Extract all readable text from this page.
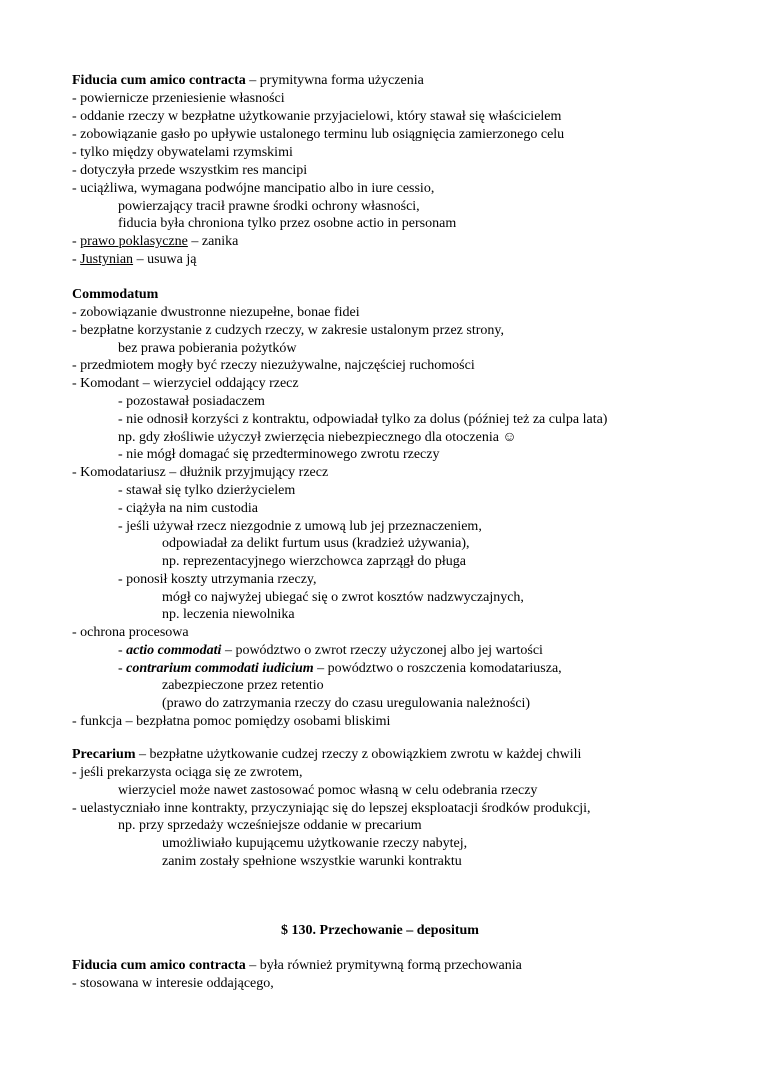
Fiducia cum amico contracta – prymitywna forma użyczenia
- powiernicze przeniesienie własności
- oddanie rzeczy w bezpłatne użytkowanie przyjacielowi, który stawał się właścicielem
- zobowiązanie gasło po upływie ustalonego terminu lub osiągnięcia zamierzonego celu
- tylko między obywatelami rzymskimi
- dotyczyła przede wszystkim res mancipi
- uciążliwa, wymagana podwójne mancipatio albo in iure cessio,
powierzający tracił prawne środki ochrony własności,
fiducia była chroniona tylko przez osobne actio in personam
- prawo poklasyczne – zanika
- Justynian – usuwa ją
Commodatum
- zobowiązanie dwustronne niezupełne, bonae fidei
- bezpłatne korzystanie z cudzych rzeczy, w zakresie ustalonym przez strony,
bez prawa pobierania pożytków
- przedmiotem mogły być rzeczy niezużywalne, najczęściej ruchomości
- Komodant – wierzyciel oddający rzecz
- pozostawał posiadaczem
- nie odnosił korzyści z kontraktu, odpowiadał tylko za dolus (później też za culpa lata)
np. gdy złośliwie użyczył zwierzęcia niebezpiecznego dla otoczenia ☺
- nie mógł domagać się przedterminowego zwrotu rzeczy
- Komodatariusz – dłużnik przyjmujący rzecz
- stawał się tylko dzierżycielem
- ciążyła na nim custodia
- jeśli używał rzecz niezgodnie z umową lub jej przeznaczeniem,
odpowiadał za delikt furtum usus (kradzież używania),
np. reprezentacyjnego wierzchowca zaprzągł do pługa
- ponosił koszty utrzymania rzeczy,
mógł co najwyżej ubiegać się o zwrot kosztów nadzwyczajnych,
np. leczenia niewolnika
- ochrona procesowa
- actio commodati – powództwo o zwrot rzeczy użyczonej albo jej wartości
- contrarium commodati iudicium – powództwo o roszczenia komodatariusza,
zabezpieczone przez retentio
(prawo do zatrzymania rzeczy do czasu uregulowania należności)
- funkcja – bezpłatna pomoc pomiędzy osobami bliskimi
Precarium – bezpłatne użytkowanie cudzej rzeczy z obowiązkiem zwrotu w każdej chwili
- jeśli prekarzysta ociąga się ze zwrotem,
wierzyciel może nawet zastosować pomoc własną w celu odebrania rzeczy
- uelastyczniało inne kontrakty, przyczyniając się do lepszej eksploatacji środków produkcji,
np. przy sprzedaży wcześniejsze oddanie w precarium
umożliwiało kupującemu użytkowanie rzeczy nabytej,
zanim zostały spełnione wszystkie warunki kontraktu
$ 130. Przechowanie – depositum
Fiducia cum amico contracta – była również prymitywną formą przechowania
- stosowana w interesie oddającego,
